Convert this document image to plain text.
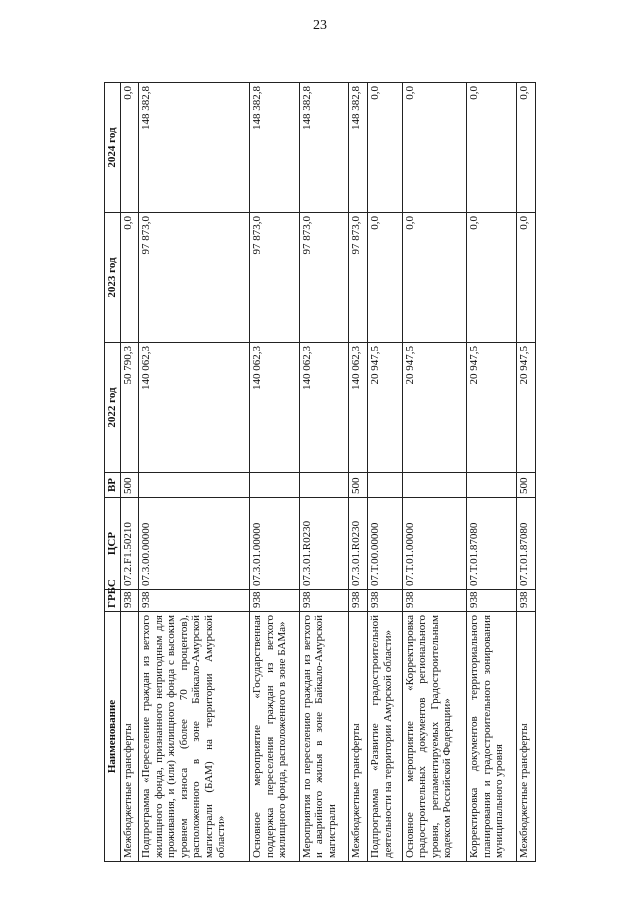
23
Наименование	ГРБС	ЦСР	ВР	2022 год	2023 год	2024 год
Межбюджетные трансферты	938	07.2.F1.50210	500	50 790,3	0,0	0,0
Подпрограмма «Переселение граждан из ветхого жилищного фонда, признанного непригодным для проживания, и (или) жилищного фонда с высоким уровнем износа (более 70 процентов), расположенного в зоне Байкало-Амурской магистрали (БАМ) на территории Амурской области»	938	07.3.00.00000		140 062,3	97 873,0	148 382,8
Основное мероприятие «Государственная поддержка переселения граждан из ветхого жилищного фонда, расположенного в зоне БАМа»	938	07.3.01.00000		140 062,3	97 873,0	148 382,8
Мероприятия по переселению граждан из ветхого и аварийного жилья в зоне Байкало-Амурской магистрали	938	07.3.01.R0230		140 062,3	97 873,0	148 382,8
Межбюджетные трансферты	938	07.3.01.R0230	500	140 062,3	97 873,0	148 382,8
Подпрограмма «Развитие градостроительной деятельности на территории Амурской области»	938	07.Т.00.00000		20 947,5	0,0	0,0
Основное мероприятие «Корректировка градостроительных документов регионального уровня, регламентируемых Градостроительным кодексом Российской Федерации»	938	07.Т.01.00000		20 947,5	0,0	0,0
Корректировка документов территориального планирования и градостроительного зонирования муниципального уровня	938	07.Т.01.87080		20 947,5	0,0	0,0
Межбюджетные трансферты	938	07.Т.01.87080	500	20 947,5	0,0	0,0
